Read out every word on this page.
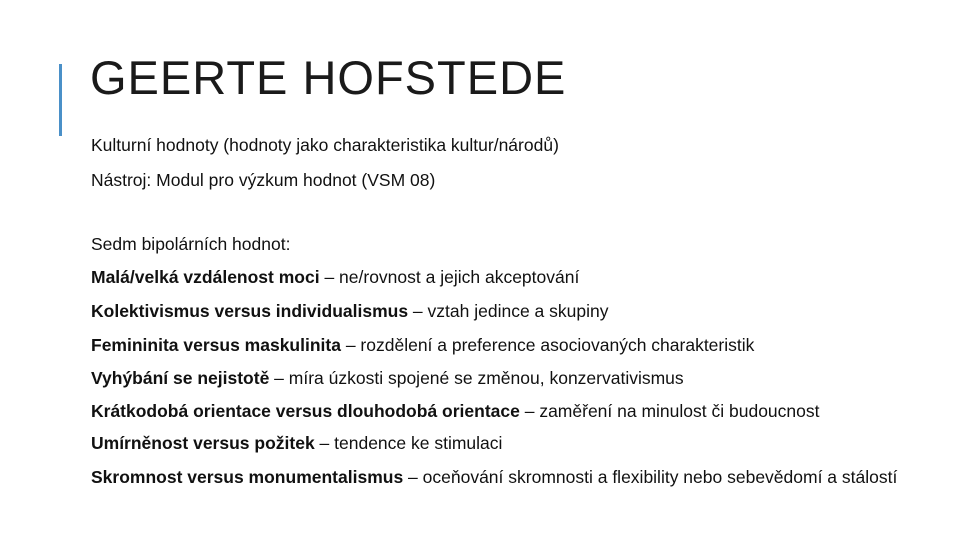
GEERTE HOFSTEDE
Kulturní hodnoty (hodnoty jako charakteristika kultur/národů)
Nástroj: Modul pro výzkum hodnot (VSM 08)
Sedm bipolárních hodnot:
Malá/velká vzdálenost moci – ne/rovnost a jejich akceptování
Kolektivismus versus individualismus – vztah jedince a skupiny
Femininita versus maskulinita – rozdělení a preference asociovaných charakteristik
Vyhýbání se nejistotě – míra úzkosti spojené se změnou, konzervativismus
Krátkodobá orientace versus dlouhodobá orientace – zaměření na minulost či budoucnost
Umírněnost versus požitek – tendence ke stimulaci
Skromnost versus monumentalismus – oceňování skromnosti a flexibility nebo sebevědomí a stálostí
